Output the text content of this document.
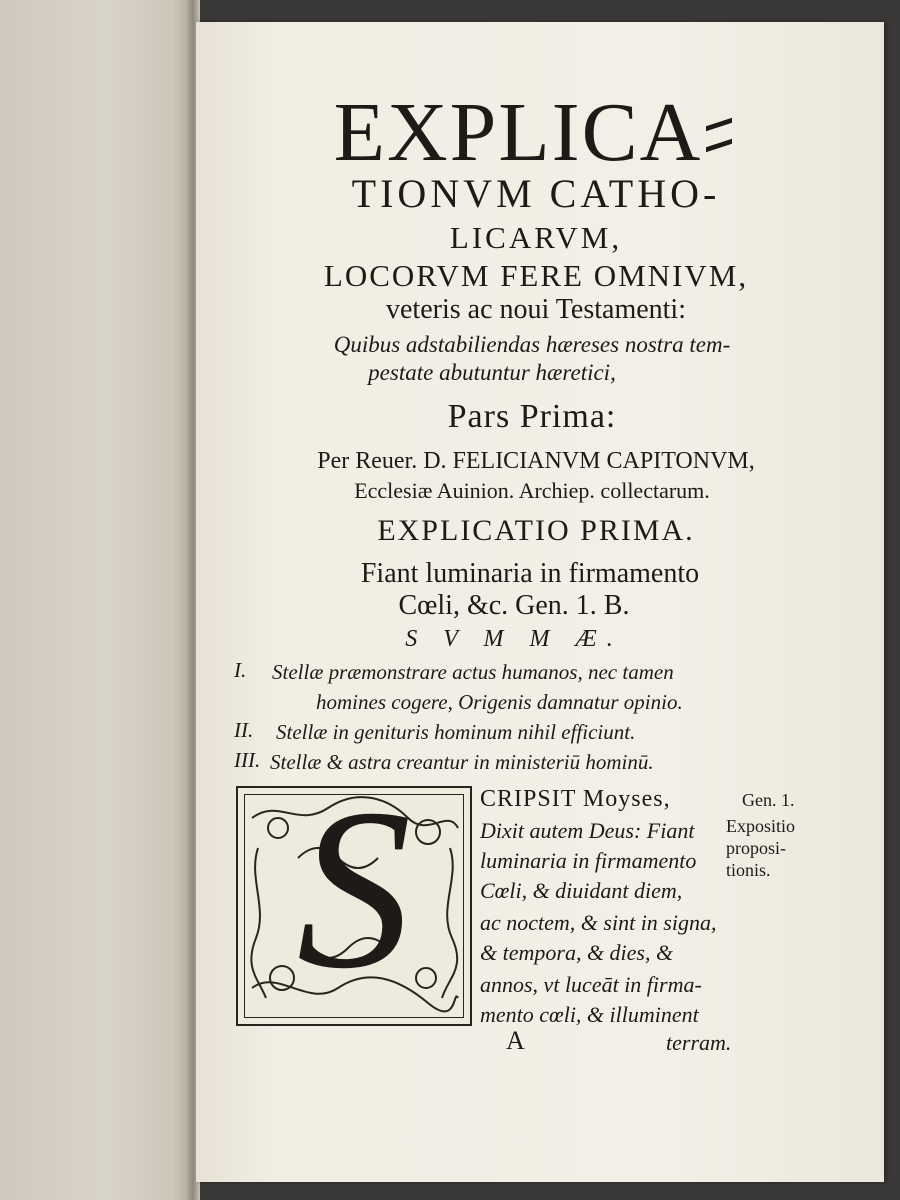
EXPLICA
TIONVM CATHO-
LICARVM,
LOCORVM FERE OMNIVM,
veteris ac noui Testamenti:
Quibus adstabiliendas hæreses nostra tem-
pestate abutuntur hæretici,
Pars Prima:
Per Reuer. D. FELICIANVM CAPITONVM,
Ecclesiæ Auinion. Archiep. collectarum.
EXPLICATIO PRIMA.
Fiant luminaria in firmamento
Cœli, &c. Gen. 1. B.
S V M M Æ.
I. Stellæ præmonstrare actus humanos, nec tamen
homines cogere, Origenis damnatur opinio.
II. Stellæ in genituris hominum nihil efficiunt.
III. Stellæ & astra creantur in ministeriū hominū.
S	CRIPSIT Moyses,
Dixit autem Deus: Fiant
luminaria in firmamento
Cœli, & diuidant diem,
ac noctem, & sint in signa,
& tempora, & dies, &
annos, vt luceāt in firma-
mento cœli, & illuminent
terram.
A
Gen. 1.
Expositio
proposi-
tionis.
